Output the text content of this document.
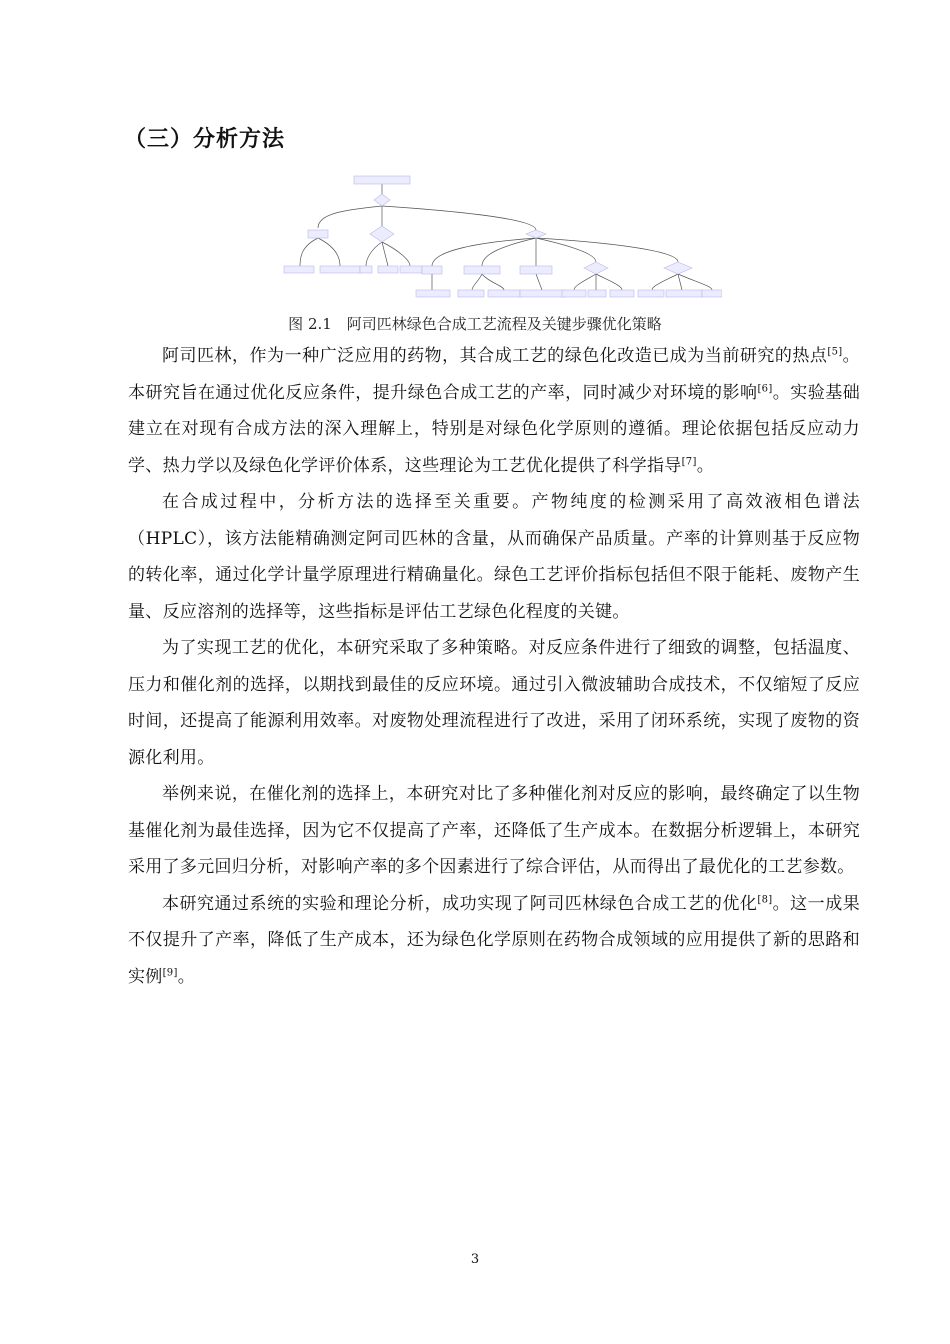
（三）分析方法
图 2.1　阿司匹林绿色合成工艺流程及关键步骤优化策略

阿司匹林，作为一种广泛应用的药物，其合成工艺的绿色化改造已成为当前研究的热点[5]。本研究旨在通过优化反应条件，提升绿色合成工艺的产率，同时减少对环境的影响[6]。实验基础建立在对现有合成方法的深入理解上，特别是对绿色化学原则的遵循。理论依据包括反应动力学、热力学以及绿色化学评价体系，这些理论为工艺优化提供了科学指导[7]。

在合成过程中，分析方法的选择至关重要。产物纯度的检测采用了高效液相色谱法（HPLC），该方法能精确测定阿司匹林的含量，从而确保产品质量。产率的计算则基于反应物的转化率，通过化学计量学原理进行精确量化。绿色工艺评价指标包括但不限于能耗、废物产生量、反应溶剂的选择等，这些指标是评估工艺绿色化程度的关键。

为了实现工艺的优化，本研究采取了多种策略。对反应条件进行了细致的调整，包括温度、压力和催化剂的选择，以期找到最佳的反应环境。通过引入微波辅助合成技术，不仅缩短了反应时间，还提高了能源利用效率。对废物处理流程进行了改进，采用了闭环系统，实现了废物的资源化利用。

举例来说，在催化剂的选择上，本研究对比了多种催化剂对反应的影响，最终确定了以生物基催化剂为最佳选择，因为它不仅提高了产率，还降低了生产成本。在数据分析逻辑上，本研究采用了多元回归分析，对影响产率的多个因素进行了综合评估，从而得出了最优化的工艺参数。

本研究通过系统的实验和理论分析，成功实现了阿司匹林绿色合成工艺的优化[8]。这一成果不仅提升了产率，降低了生产成本，还为绿色化学原则在药物合成领域的应用提供了新的思路和实例[9]。

3
